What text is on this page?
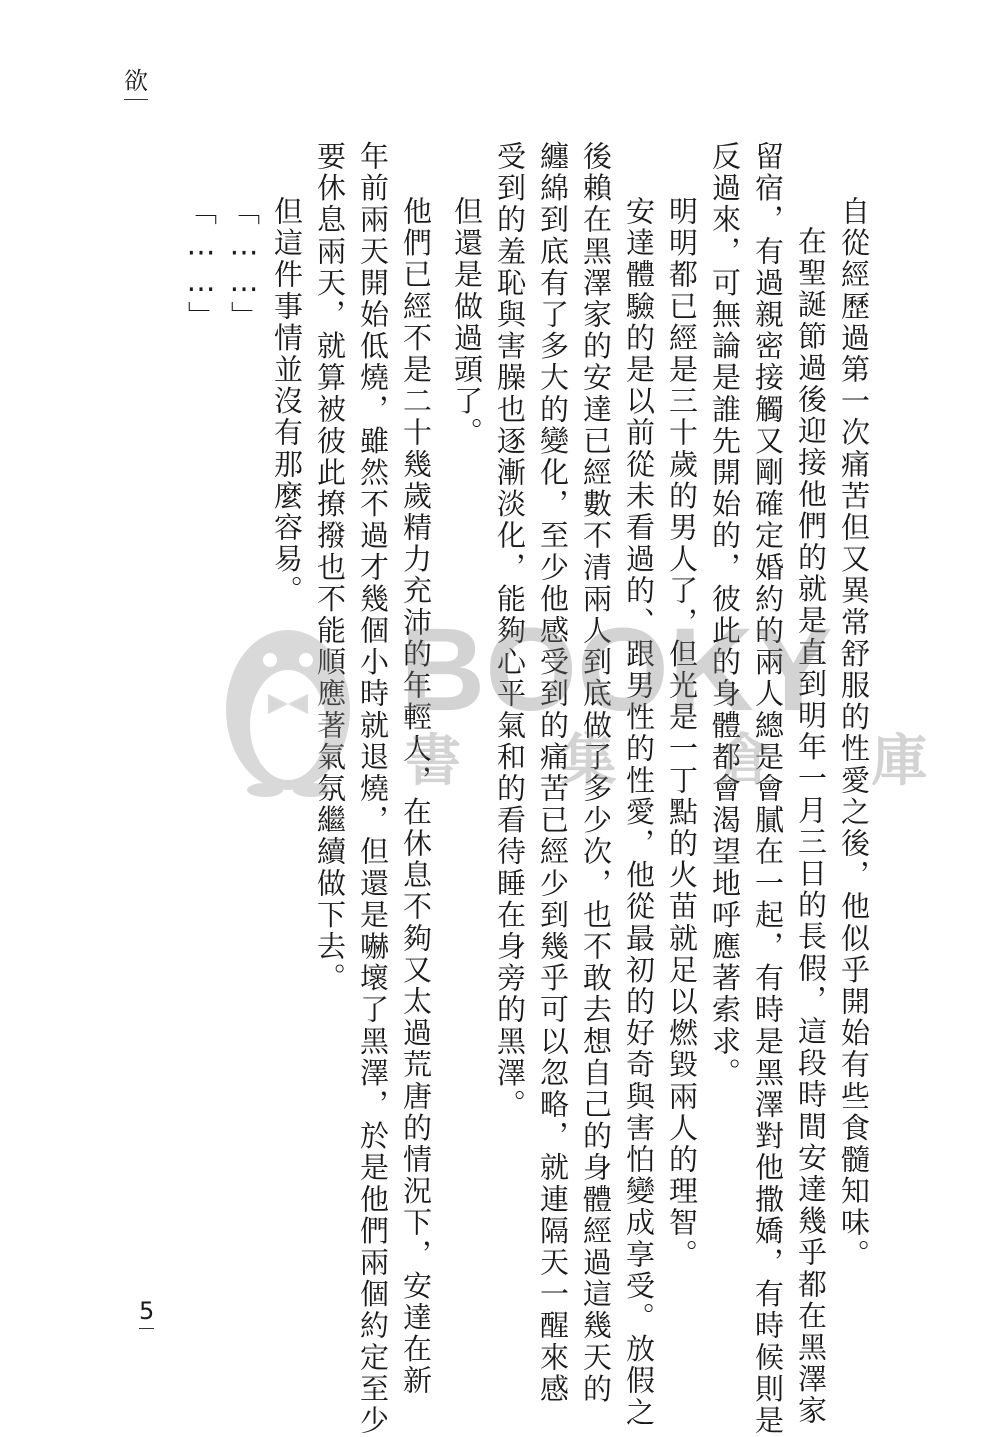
欲
自從經歷過第一次痛苦但又異常舒服的性愛之後，他似乎開始有些食髓知味。
在聖誕節過後迎接他們的就是直到明年一月三日的長假，這段時間安達幾乎都在黑澤家
留宿，有過親密接觸又剛確定婚約的兩人總是會膩在一起，有時是黑澤對他撒嬌，有時候則是
反過來，可無論是誰先開始的，彼此的身體都會渴望地呼應著索求。
明明都已經是三十歲的男人了，但光是一丁點的火苗就足以燃毀兩人的理智。
安達體驗的是以前從未看過的、跟男性的性愛，他從最初的好奇與害怕變成享受。放假之
後賴在黑澤家的安達已經數不清兩人到底做了多少次，也不敢去想自己的身體經過這幾天的
纏綿到底有了多大的變化，至少他感受到的痛苦已經少到幾乎可以忽略，就連隔天一醒來感
受到的羞恥與害臊也逐漸淡化，能夠心平氣和的看待睡在身旁的黑澤。
但還是做過頭了。
他們已經不是二十幾歲精力充沛的年輕人，在休息不夠又太過荒唐的情況下，安達在新
年前兩天開始低燒，雖然不過才幾個小時就退燒，但還是嚇壞了黑澤，於是他們兩個約定至少
要休息兩天，就算被彼此撩撥也不能順應著氣氛繼續做下去。
但這件事情並沒有那麼容易。
「……」
「……」
5
BOOKY
書 集 倉 庫
